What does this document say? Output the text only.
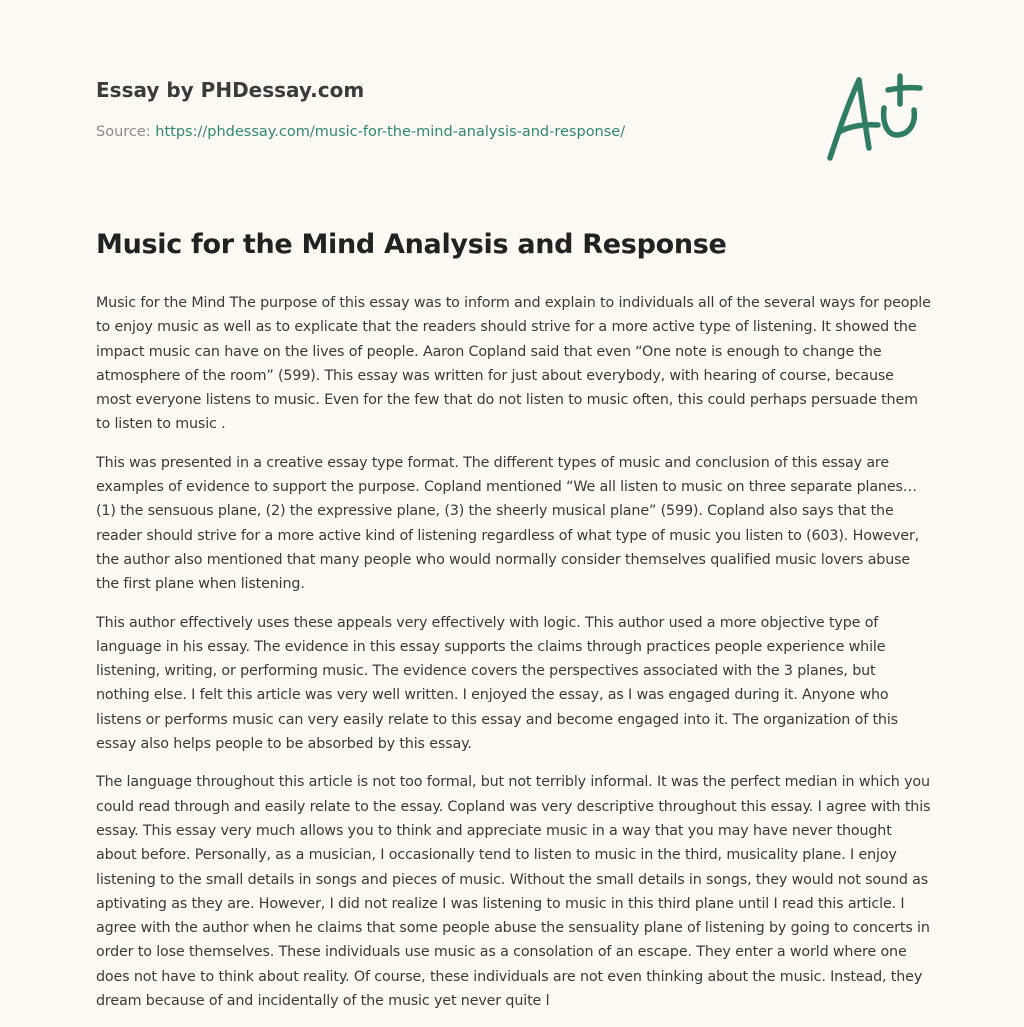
Essay by PHDessay.com
Source: https://phdessay.com/music-for-the-mind-analysis-and-response/
Music for the Mind Analysis and Response

Music for the Mind The purpose of this essay was to inform and explain to individuals all of the several ways for people to enjoy music as well as to explicate that the readers should strive for a more active type of listening. It showed the impact music can have on the lives of people. Aaron Copland said that even “One note is enough to change the atmosphere of the room” (599). This essay was written for just about everybody, with hearing of course, because most everyone listens to music. Even for the few that do not listen to music often, this could perhaps persuade them to listen to music .

This was presented in a creative essay type format. The different types of music and conclusion of this essay are examples of evidence to support the purpose. Copland mentioned “We all listen to music on three separate planes… (1) the sensuous plane, (2) the expressive plane, (3) the sheerly musical plane” (599). Copland also says that the reader should strive for a more active kind of listening regardless of what type of music you listen to (603). However, the author also mentioned that many people who would normally consider themselves qualified music lovers abuse the first plane when listening.

This author effectively uses these appeals very effectively with logic. This author used a more objective type of language in his essay. The evidence in this essay supports the claims through practices people experience while listening, writing, or performing music. The evidence covers the perspectives associated with the 3 planes, but nothing else. I felt this article was very well written. I enjoyed the essay, as I was engaged during it. Anyone who listens or performs music can very easily relate to this essay and become engaged into it. The organization of this essay also helps people to be absorbed by this essay.

The language throughout this article is not too formal, but not terribly informal. It was the perfect median in which you could read through and easily relate to the essay. Copland was very descriptive throughout this essay. I agree with this essay. This essay very much allows you to think and appreciate music in a way that you may have never thought about before. Personally, as a musician, I occasionally tend to listen to music in the third, musicality plane. I enjoy listening to the small details in songs and pieces of music. Without the small details in songs, they would not sound as aptivating as they are. However, I did not realize I was listening to music in this third plane until I read this article. I agree with the author when he claims that some people abuse the sensuality plane of listening by going to concerts in order to lose themselves. These individuals use music as a consolation of an escape. They enter a world where one does not have to think about reality. Of course, these individuals are not even thinking about the music. Instead, they dream because of and incidentally of the music yet never quite l
